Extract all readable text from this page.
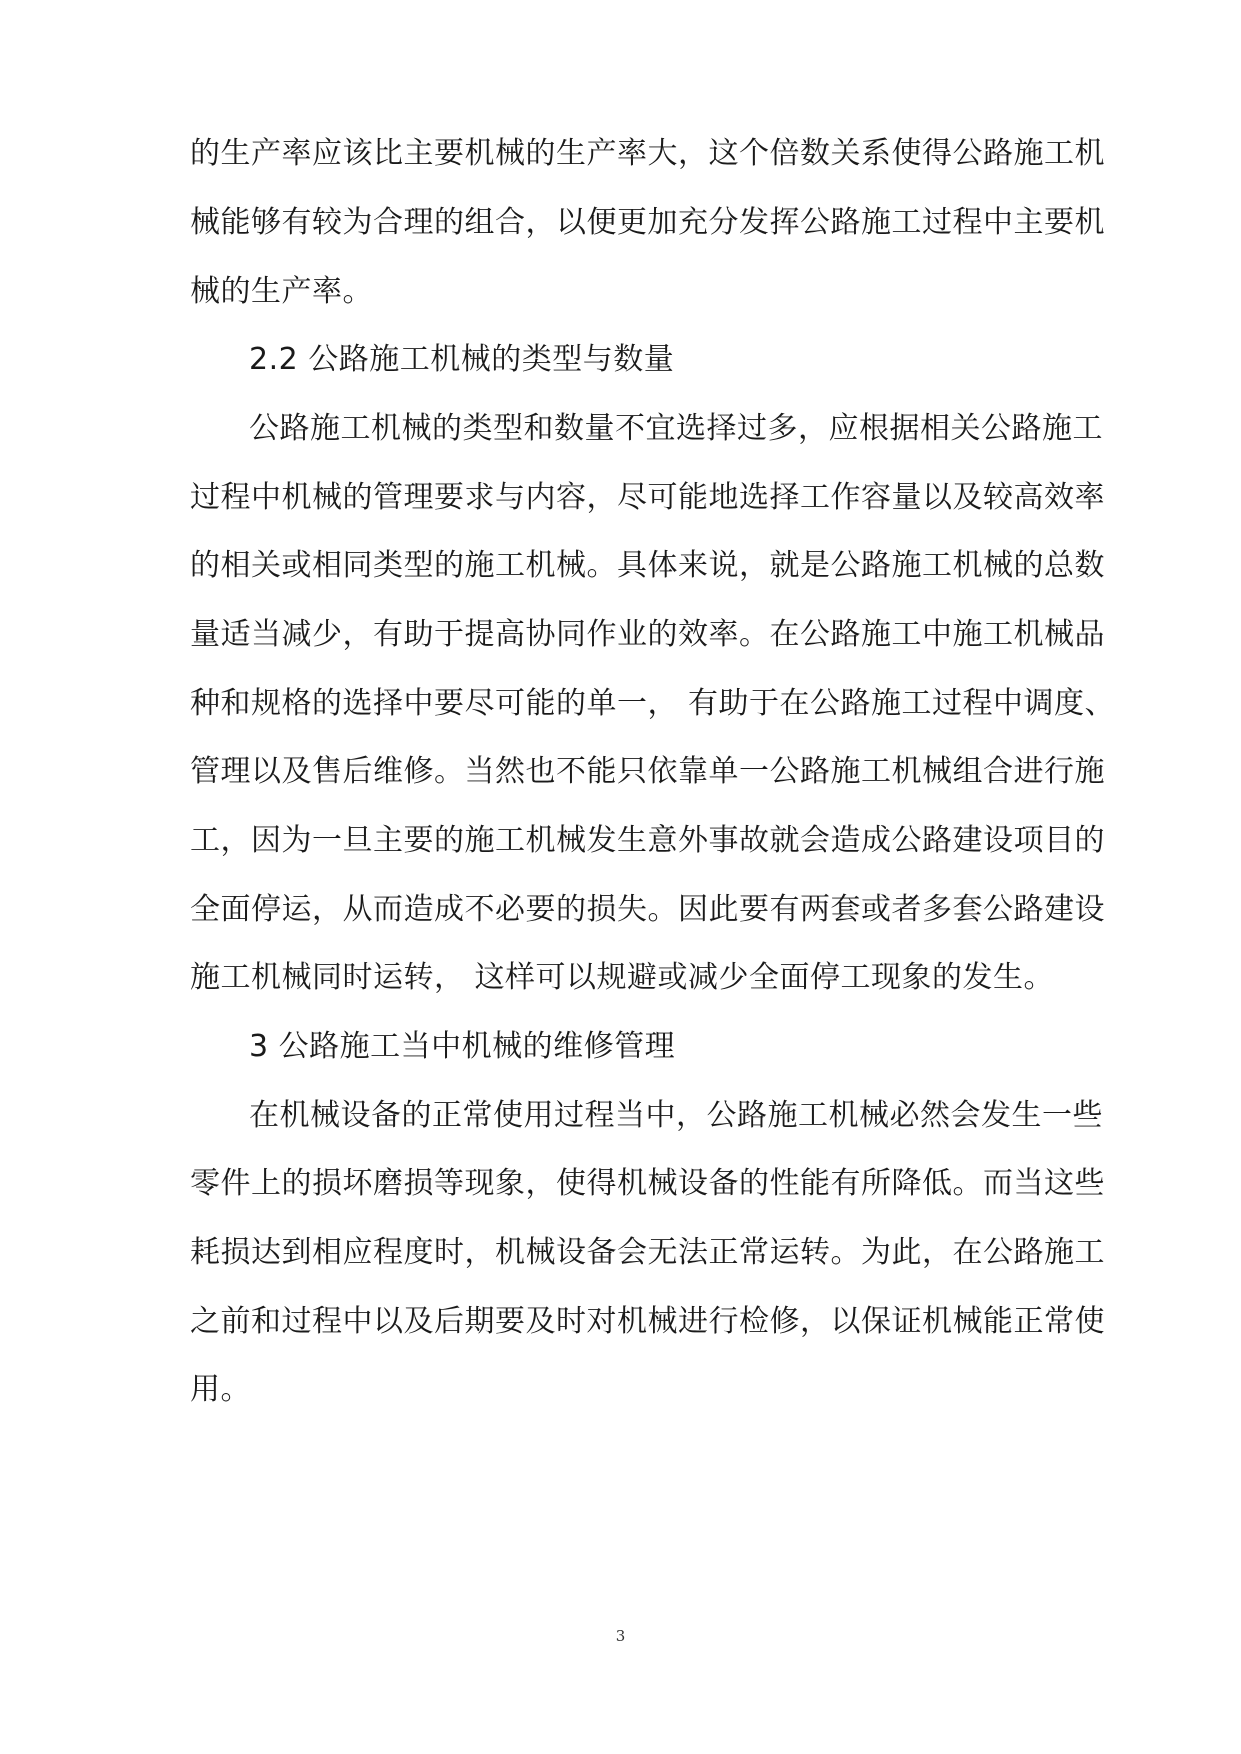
的生产率应该比主要机械的生产率大，这个倍数关系使得公路施工机
械能够有较为合理的组合，以便更加充分发挥公路施工过程中主要机
械的生产率。
2.2 公路施工机械的类型与数量
公路施工机械的类型和数量不宜选择过多，应根据相关公路施工
过程中机械的管理要求与内容，尽可能地选择工作容量以及较高效率
的相关或相同类型的施工机械。具体来说，就是公路施工机械的总数
量适当减少，有助于提高协同作业的效率。在公路施工中施工机械品
种和规格的选择中要尽可能的单一， 有助于在公路施工过程中调度、
管理以及售后维修。当然也不能只依靠单一公路施工机械组合进行施
工，因为一旦主要的施工机械发生意外事故就会造成公路建设项目的
全面停运，从而造成不必要的损失。因此要有两套或者多套公路建设
施工机械同时运转， 这样可以规避或减少全面停工现象的发生。
3 公路施工当中机械的维修管理
在机械设备的正常使用过程当中，公路施工机械必然会发生一些
零件上的损坏磨损等现象，使得机械设备的性能有所降低。而当这些
耗损达到相应程度时，机械设备会无法正常运转。为此，在公路施工
之前和过程中以及后期要及时对机械进行检修，以保证机械能正常使
用。
3
